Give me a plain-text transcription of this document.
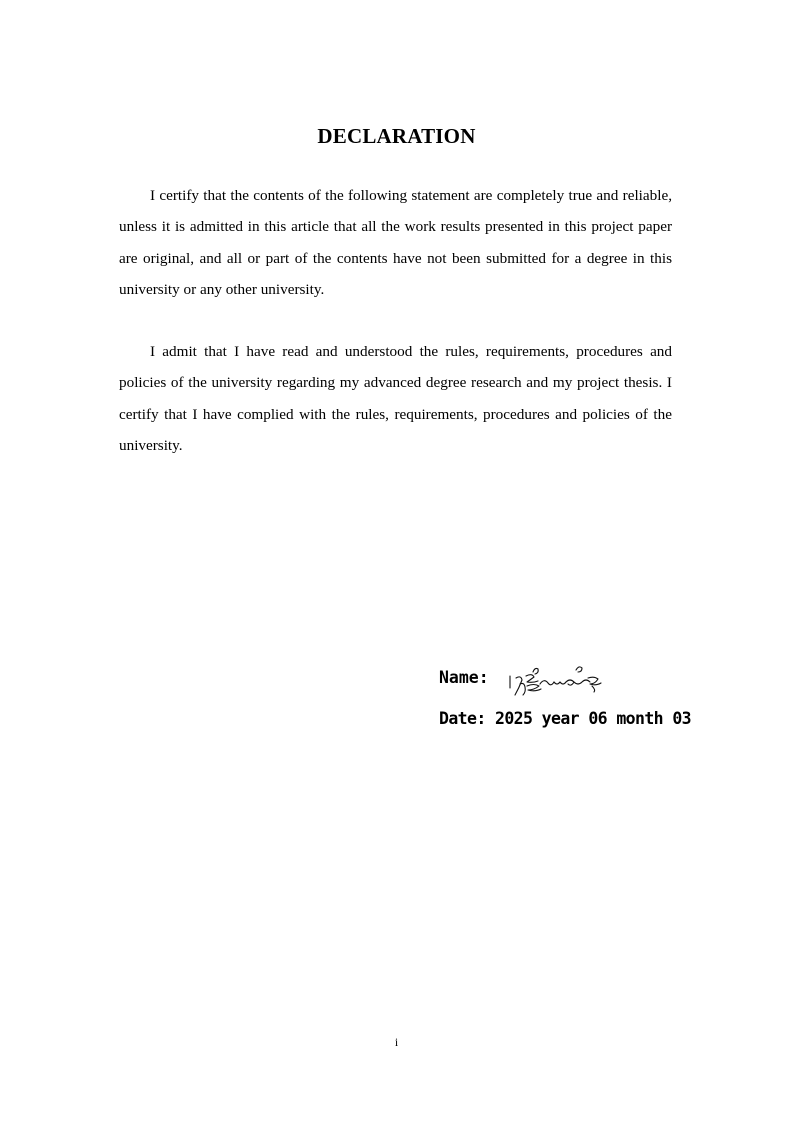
DECLARATION

I certify that the contents of the following statement are completely true and reliable, unless it is admitted in this article that all the work results presented in this project paper are original, and all or part of the contents have not been submitted for a degree in this university or any other university.

I admit that I have read and understood the rules, requirements, procedures and policies of the university regarding my advanced degree research and my project thesis. I certify that I have complied with the rules, requirements, procedures and policies of the university.

Name:
Date: 2025 year 06 month 03
i
